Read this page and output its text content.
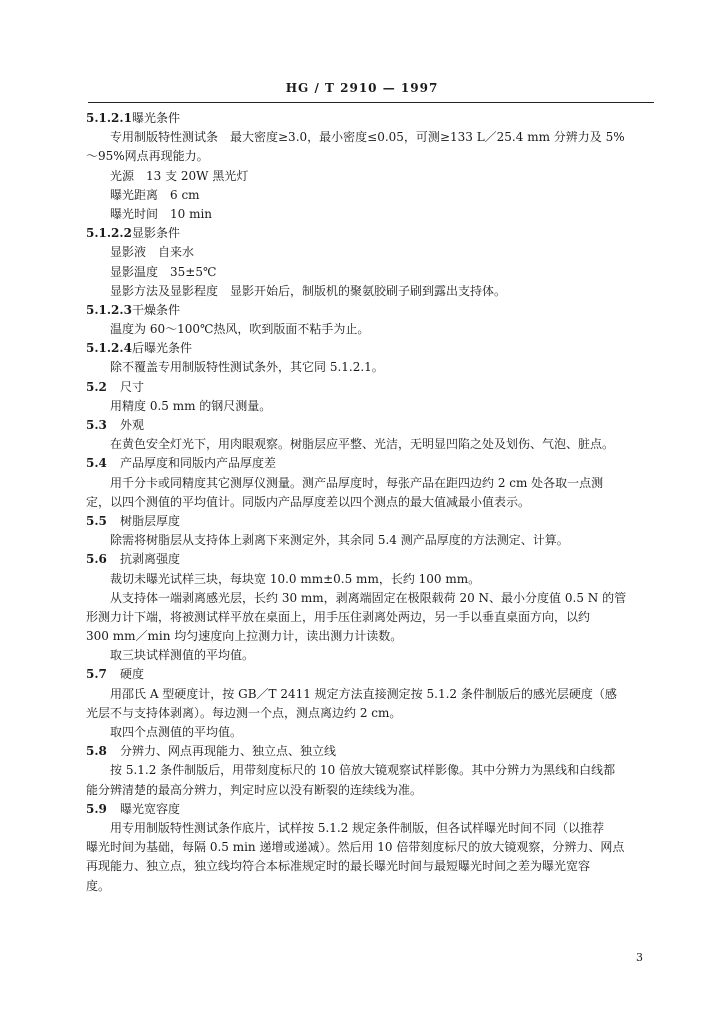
HG / T 2910 — 1997
5.1.2.1曝光条件
专用制版特性测试条　最大密度≥3.0，最小密度≤0.05，可测≥133 L／25.4 mm 分辨力及 5%
～95%网点再现能力。
光源　13 支 20W 黑光灯
曝光距离　6 cm
曝光时间　10 min
5.1.2.2显影条件
显影液　自来水
显影温度　35±5℃
显影方法及显影程度　显影开始后，制版机的聚氨胶刷子刷到露出支持体。
5.1.2.3干燥条件
温度为 60～100℃热风，吹到版面不粘手为止。
5.1.2.4后曝光条件
除不覆盖专用制版特性测试条外，其它同 5.1.2.1。
5.2 尺寸
用精度 0.5 mm 的钢尺测量。
5.3 外观
在黄色安全灯光下，用肉眼观察。树脂层应平整、光洁，无明显凹陷之处及划伤、气泡、脏点。
5.4 产品厚度和同版内产品厚度差
用千分卡或同精度其它测厚仪测量。测产品厚度时，每张产品在距四边约 2 cm 处各取一点测
定，以四个测值的平均值计。同版内产品厚度差以四个测点的最大值减最小值表示。
5.5 树脂层厚度
除需将树脂层从支持体上剥离下来测定外，其余同 5.4 测产品厚度的方法测定、计算。
5.6 抗剥离强度
裁切未曝光试样三块，每块宽 10.0 mm±0.5 mm，长约 100 mm。
从支持体一端剥离感光层，长约 30 mm，剥离端固定在极限载荷 20 N、最小分度值 0.5 N 的管
形测力计下端，将被测试样平放在桌面上，用手压住剥离处两边，另一手以垂直桌面方向，以约
300 mm／min 均匀速度向上拉测力计，读出测力计读数。
取三块试样测值的平均值。
5.7 硬度
用邵氏 A 型硬度计，按 GB／T 2411 规定方法直接测定按 5.1.2 条件制版后的感光层硬度（感
光层不与支持体剥离）。每边测一个点，测点离边约 2 cm。
取四个点测值的平均值。
5.8 分辨力、网点再现能力、独立点、独立线
按 5.1.2 条件制版后，用带刻度标尺的 10 倍放大镜观察试样影像。其中分辨力为黑线和白线都
能分辨清楚的最高分辨力，判定时应以没有断裂的连续线为准。
5.9 曝光宽容度
用专用制版特性测试条作底片，试样按 5.1.2 规定条件制版，但各试样曝光时间不同（以推荐
曝光时间为基础，每隔 0.5 min 递增或递减）。然后用 10 倍带刻度标尺的放大镜观察，分辨力、网点
再现能力、独立点，独立线均符合本标准规定时的最长曝光时间与最短曝光时间之差为曝光宽容
度。
3
